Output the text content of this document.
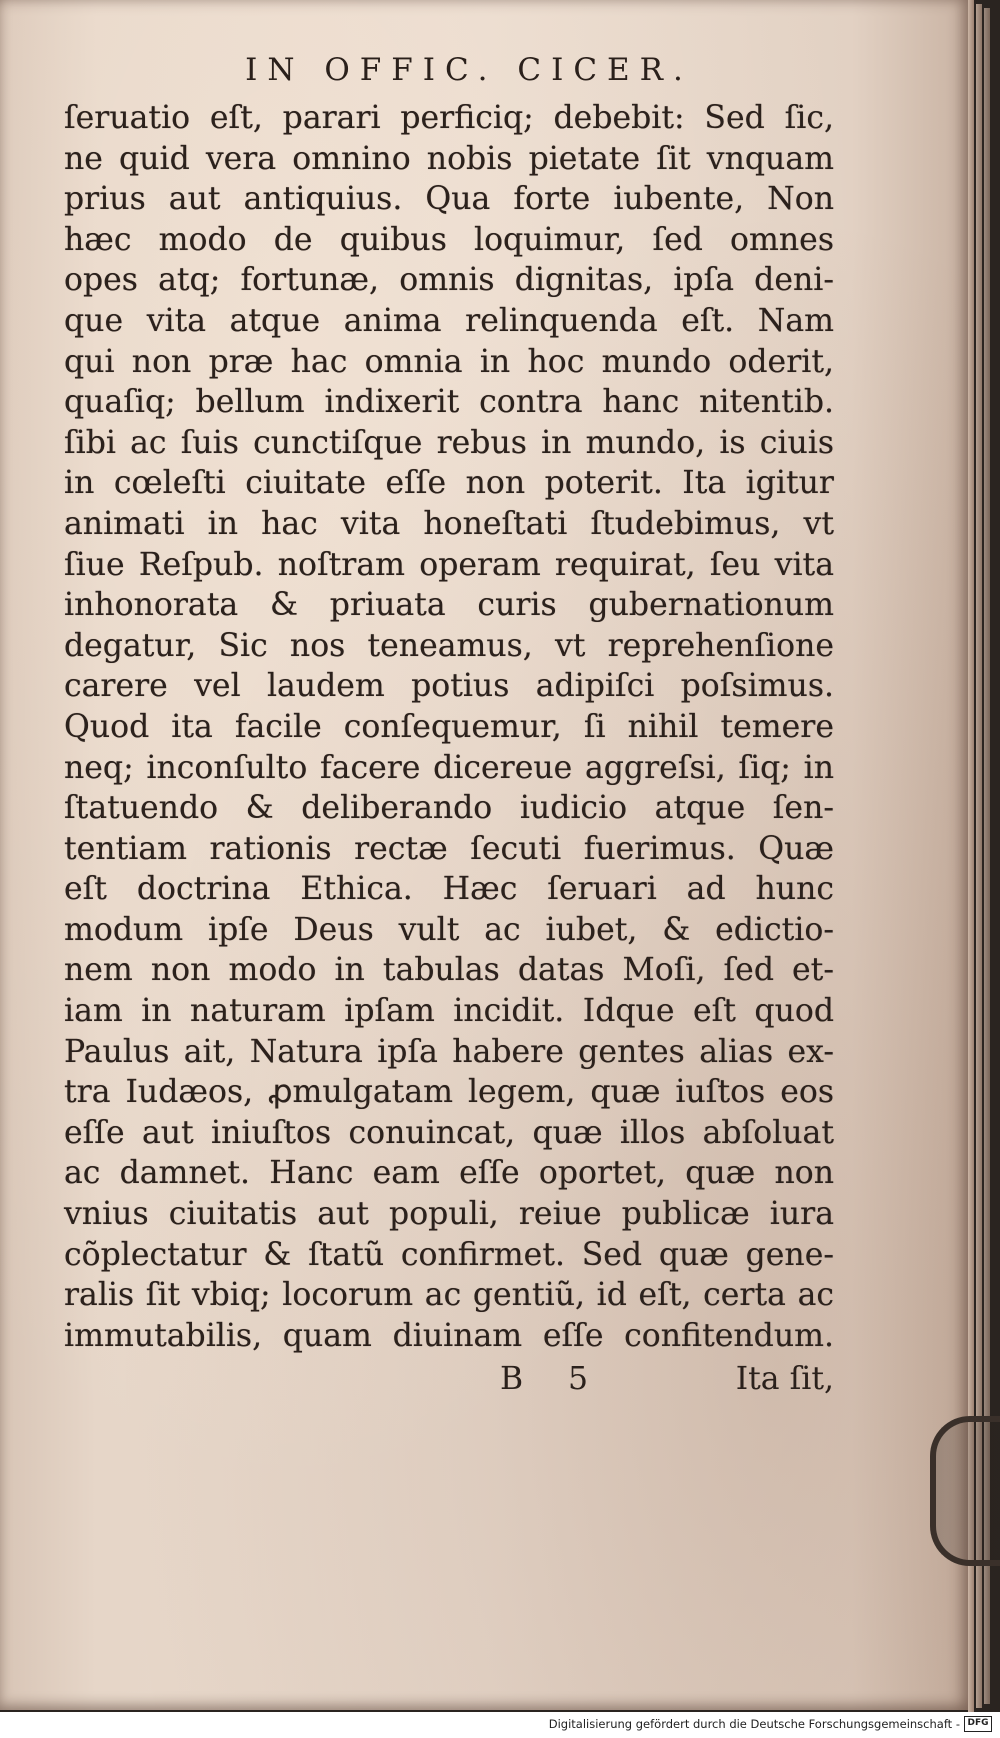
IN OFFIC. CICER.
ſeruatio eſt, parari perficiq; debebit: Sed ſic,
ne quid vera omnino nobis pietate ſit vnquam
prius aut antiquius. Qua forte iubente, Non
hæc modo de quibus loquimur, ſed omnes
opes atq; fortunæ, omnis dignitas, ipſa deni-
que vita atque anima relinquenda eſt. Nam
qui non præ hac omnia in hoc mundo oderit,
quaſiq; bellum indixerit contra hanc nitentib.
ſibi ac ſuis cunctiſque rebus in mundo, is ciuis
in cœleſti ciuitate eſſe non poterit. Ita igitur
animati in hac vita honeſtati ſtudebimus, vt
ſiue Reſpub. noſtram operam requirat, ſeu vita
inhonorata & priuata curis gubernationum
degatur, Sic nos teneamus, vt reprehenſione
carere vel laudem potius adipiſci poſsimus.
Quod ita facile conſequemur, ſi nihil temere
neq; inconſulto facere dicereue aggreſsi, ſiq; in
ſtatuendo & deliberando iudicio atque ſen-
tentiam rationis rectæ ſecuti fuerimus. Quæ
eſt doctrina Ethica. Hæc ſeruari ad hunc
modum ipſe Deus vult ac iubet, & edictio-
nem non modo in tabulas datas Moſi, ſed et-
iam in naturam ipſam incidit. Idque eſt quod
Paulus ait, Natura ipſa habere gentes alias ex-
tra Iudæos, ꝓmulgatam legem, quæ iuſtos eos
eſſe aut iniuſtos conuincat, quæ illos abſoluat
ac damnet. Hanc eam eſſe oportet, quæ non
vnius ciuitatis aut populi, reiue publicæ iura
cõplectatur & ſtatũ confirmet. Sed quæ gene-
ralis ſit vbiq; locorum ac gentiũ, id eſt, certa ac
immutabilis, quam diuinam eſſe confitendum.
B 5	Ita ſit,
Digitalisierung gefördert durch die Deutsche Forschungsgemeinschaft - DFG
